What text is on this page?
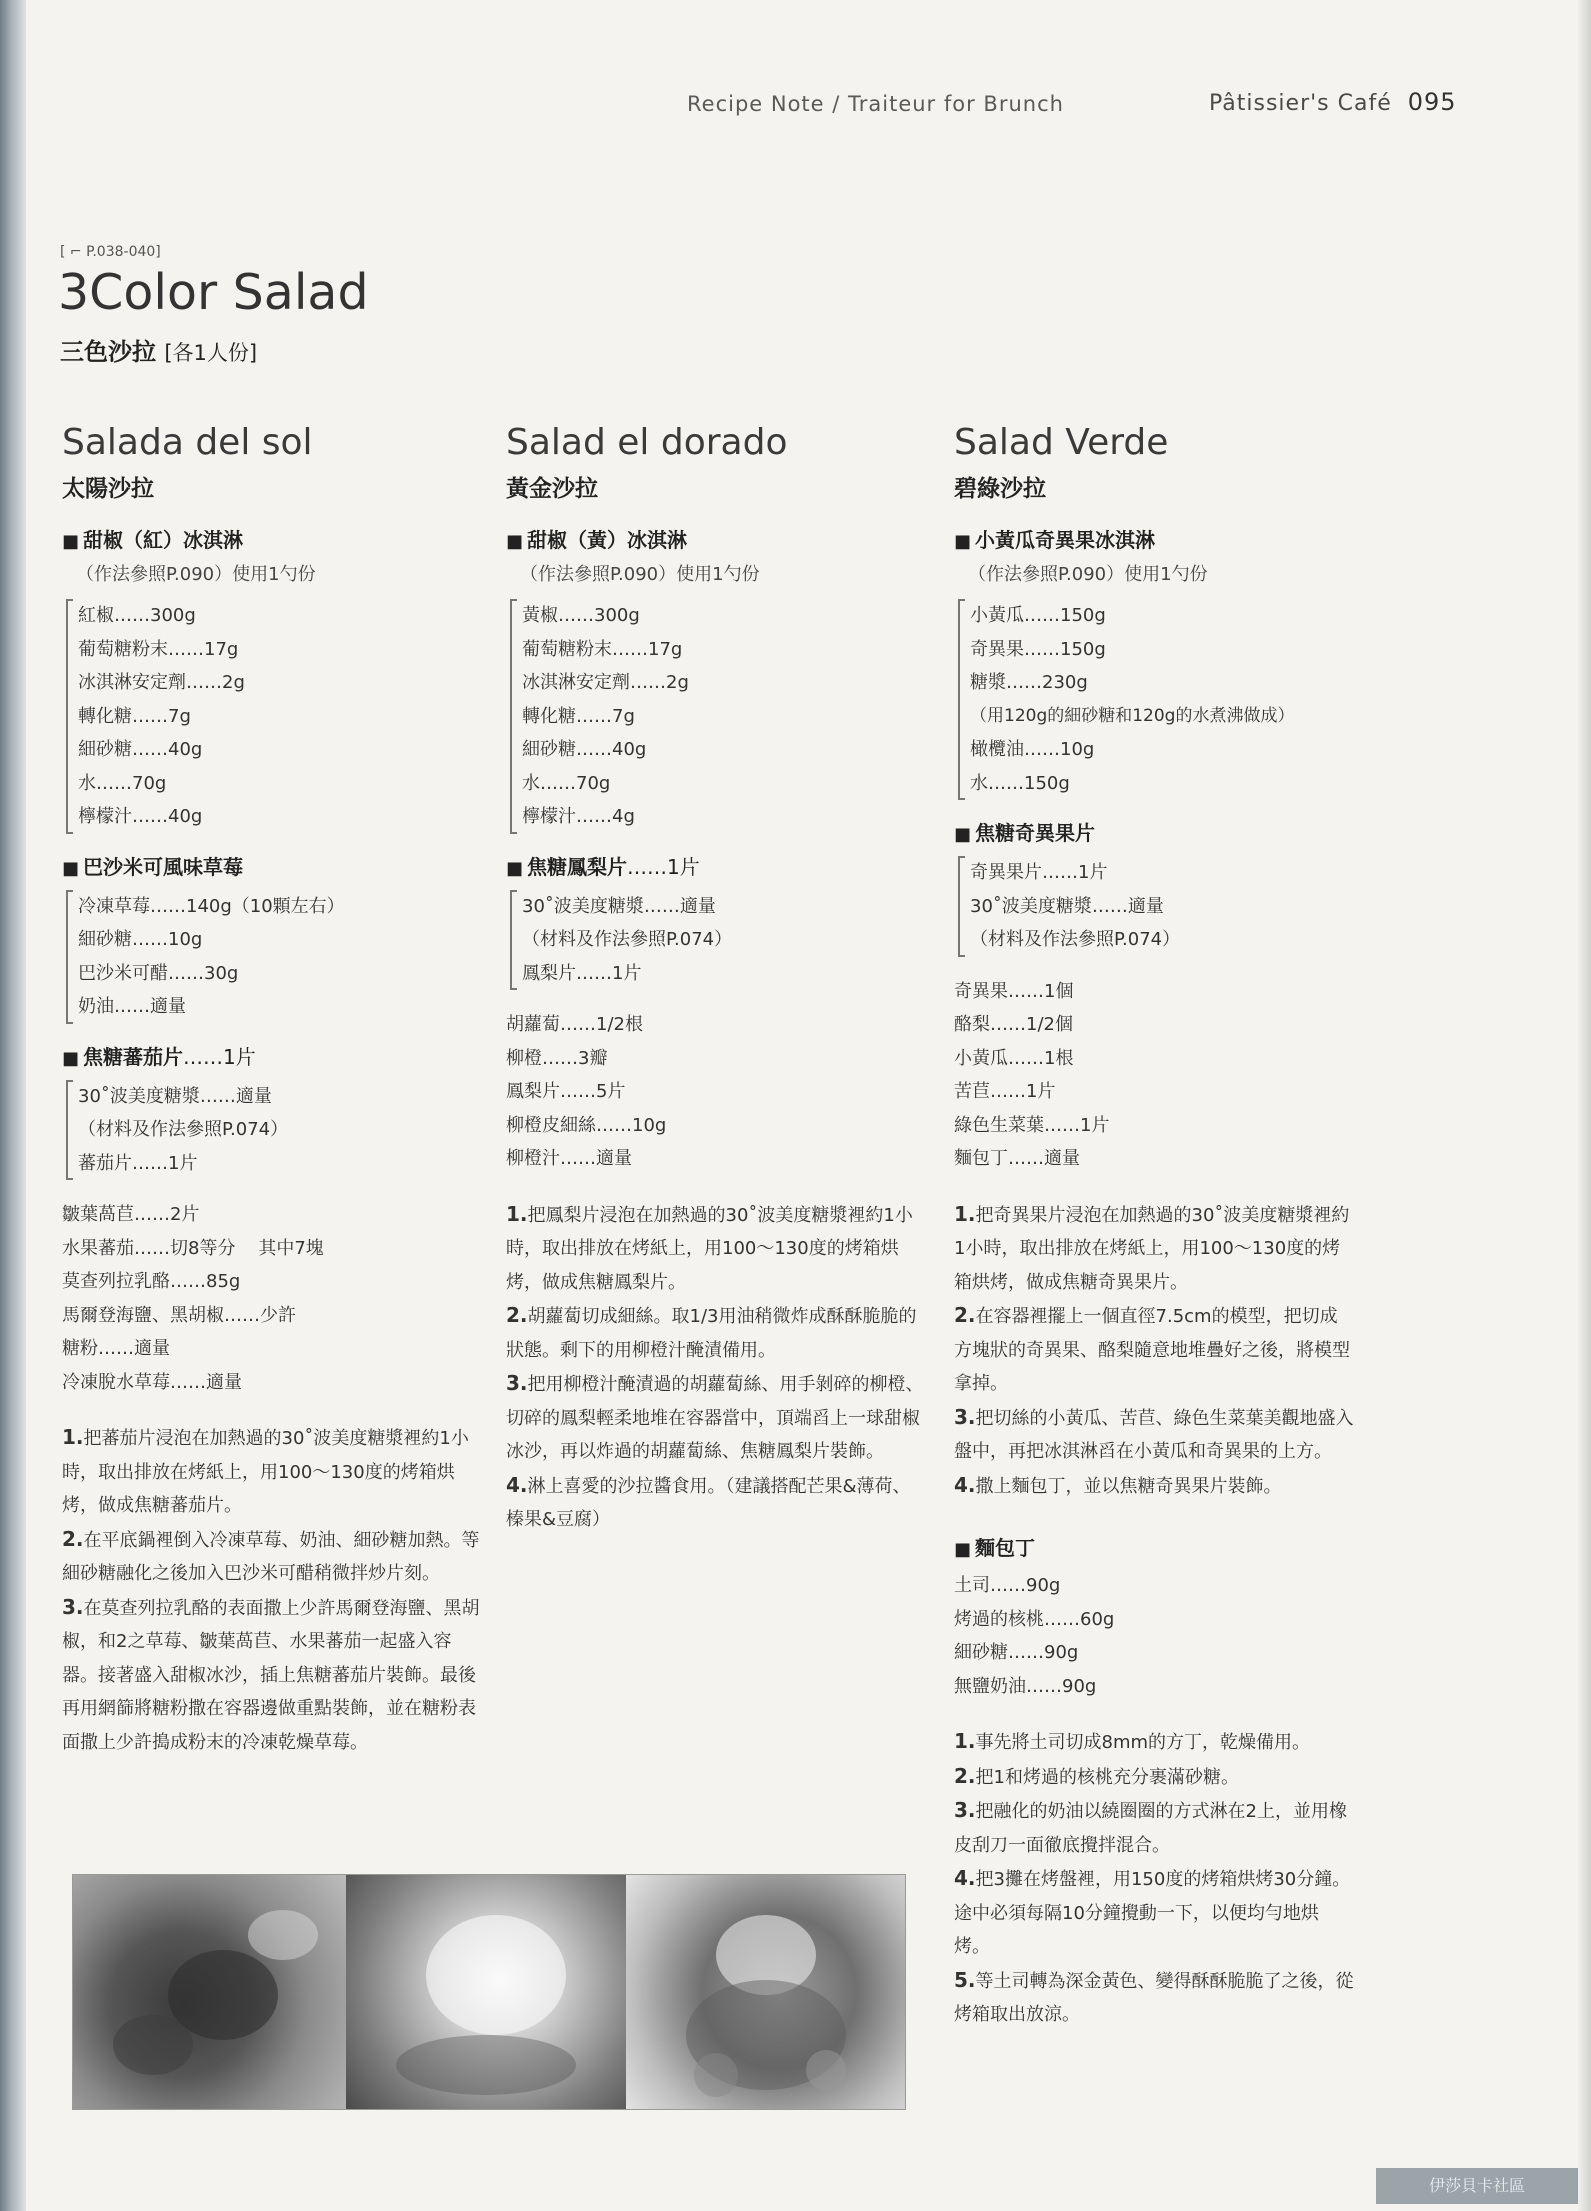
Recipe Note / Traiteur for Brunch	Pâtissier's Café 095
[ ⌐ P.038-040]
3Color Salad
三色沙拉 [各1人份]

Salada del sol

太陽沙拉

■ 甜椒（紅）冰淇淋

（作法參照P.090）使用1勺份

紅椒……300g

葡萄糖粉末……17g

冰淇淋安定劑……2g

轉化糖……7g

細砂糖……40g

水……70g

檸檬汁……40g

■ 巴沙米可風味草莓

冷凍草莓……140g（10顆左右）

細砂糖……10g

巴沙米可醋……30g

奶油……適量

■ 焦糖蕃茄片……1片

30˚波美度糖漿……適量

（材料及作法參照P.074）

蕃茄片……1片

皺葉萵苣……2片

水果蕃茄……切8等分    其中7塊

莫查列拉乳酪……85g

馬爾登海鹽、黑胡椒……少許

糖粉……適量

冷凍脫水草莓……適量

1.把蕃茄片浸泡在加熱過的30˚波美度糖漿裡約1小時，取出排放在烤紙上，用100～130度的烤箱烘烤，做成焦糖蕃茄片。

2.在平底鍋裡倒入冷凍草莓、奶油、細砂糖加熱。等細砂糖融化之後加入巴沙米可醋稍微拌炒片刻。

3.在莫查列拉乳酪的表面撒上少許馬爾登海鹽、黑胡椒，和2之草莓、皺葉萵苣、水果蕃茄一起盛入容器。接著盛入甜椒冰沙，插上焦糖蕃茄片裝飾。最後再用網篩將糖粉撒在容器邊做重點裝飾，並在糖粉表面撒上少許搗成粉末的冷凍乾燥草莓。

Salad el dorado

黃金沙拉

■ 甜椒（黃）冰淇淋

（作法參照P.090）使用1勺份

黃椒……300g

葡萄糖粉末……17g

冰淇淋安定劑……2g

轉化糖……7g

細砂糖……40g

水……70g

檸檬汁……4g

■ 焦糖鳳梨片……1片

30˚波美度糖漿……適量

（材料及作法參照P.074）

鳳梨片……1片

胡蘿蔔……1/2根

柳橙……3瓣

鳳梨片……5片

柳橙皮細絲……10g

柳橙汁……適量

1.把鳳梨片浸泡在加熱過的30˚波美度糖漿裡約1小時，取出排放在烤紙上，用100～130度的烤箱烘烤，做成焦糖鳳梨片。

2.胡蘿蔔切成細絲。取1/3用油稍微炸成酥酥脆脆的狀態。剩下的用柳橙汁醃漬備用。

3.把用柳橙汁醃漬過的胡蘿蔔絲、用手剝碎的柳橙、切碎的鳳梨輕柔地堆在容器當中，頂端舀上一球甜椒冰沙，再以炸過的胡蘿蔔絲、焦糖鳳梨片裝飾。

4.淋上喜愛的沙拉醬食用。（建議搭配芒果&薄荷、榛果&豆腐）

Salad Verde

碧綠沙拉

■ 小黃瓜奇異果冰淇淋

（作法參照P.090）使用1勺份

小黃瓜……150g

奇異果……150g

糖漿……230g

（用120g的細砂糖和120g的水煮沸做成）

橄欖油……10g

水……150g

■ 焦糖奇異果片

奇異果片……1片

30˚波美度糖漿……適量

（材料及作法參照P.074）

奇異果……1個

酪梨……1/2個

小黃瓜……1根

苦苣……1片

綠色生菜葉……1片

麵包丁……適量

1.把奇異果片浸泡在加熱過的30˚波美度糖漿裡約1小時，取出排放在烤紙上，用100～130度的烤箱烘烤，做成焦糖奇異果片。

2.在容器裡擺上一個直徑7.5cm的模型，把切成方塊狀的奇異果、酪梨隨意地堆疊好之後，將模型拿掉。

3.把切絲的小黃瓜、苦苣、綠色生菜葉美觀地盛入盤中，再把冰淇淋舀在小黃瓜和奇異果的上方。

4.撒上麵包丁，並以焦糖奇異果片裝飾。

■ 麵包丁

土司……90g

烤過的核桃……60g

細砂糖……90g

無鹽奶油……90g

1.事先將土司切成8mm的方丁，乾燥備用。

2.把1和烤過的核桃充分裹滿砂糖。

3.把融化的奶油以繞圈圈的方式淋在2上，並用橡皮刮刀一面徹底攪拌混合。

4.把3攤在烤盤裡，用150度的烤箱烘烤30分鐘。途中必須每隔10分鐘攪動一下，以便均勻地烘烤。

5.等土司轉為深金黃色、變得酥酥脆脆了之後，從烤箱取出放涼。

伊莎貝卡社區
